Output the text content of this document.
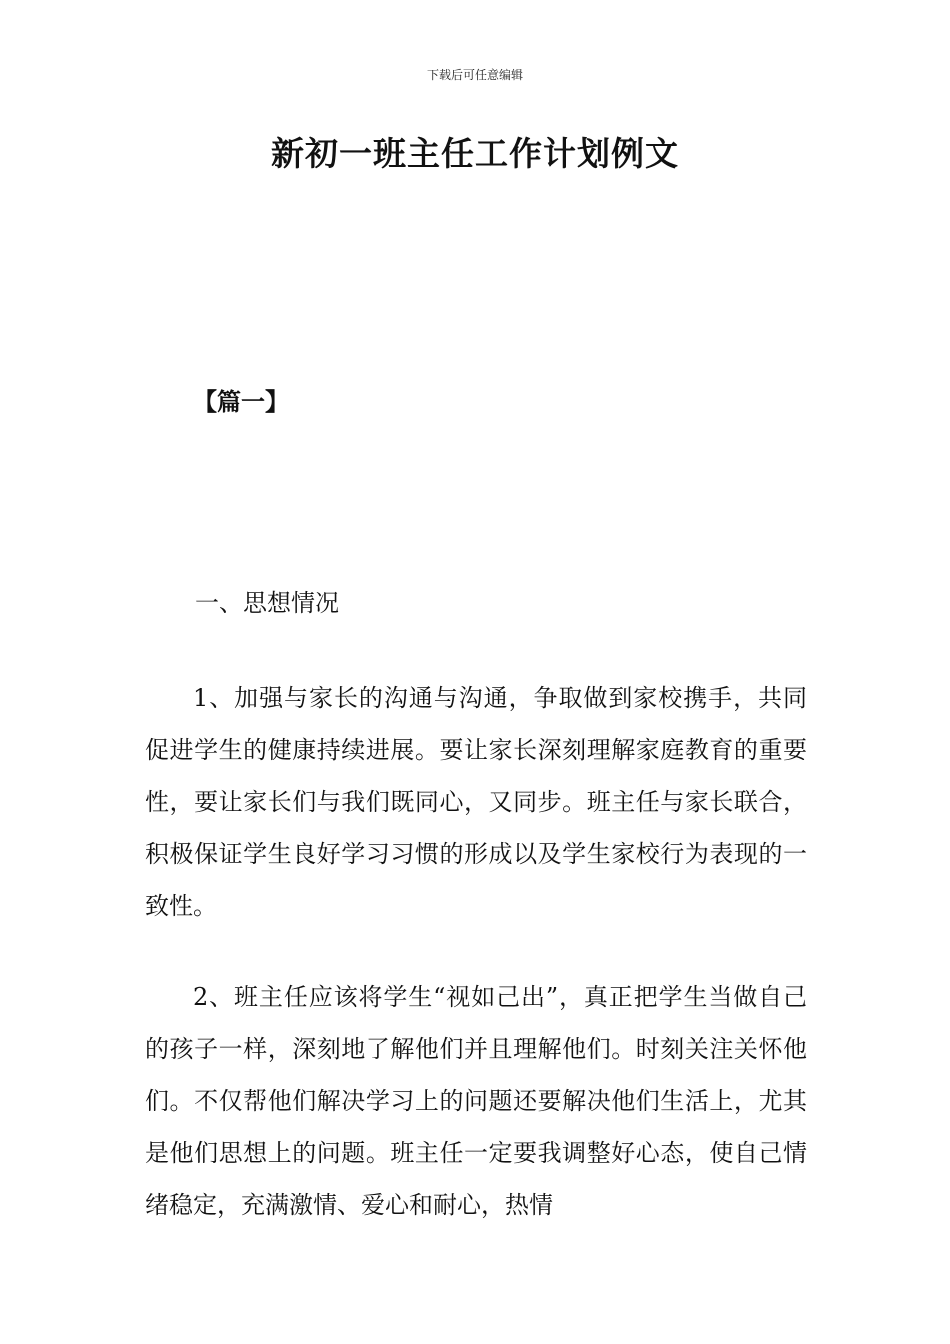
下载后可任意编辑
新初一班主任工作计划例文
【篇一】
一、思想情况

1、加强与家长的沟通与沟通，争取做到家校携手，共同促进学生的健康持续进展。要让家长深刻理解家庭教育的重要性，要让家长们与我们既同心，又同步。班主任与家长联合，积极保证学生良好学习习惯的形成以及学生家校行为表现的一致性。

2、班主任应该将学生“视如己出”，真正把学生当做自己的孩子一样，深刻地了解他们并且理解他们。时刻关注关怀他们。不仅帮他们解决学习上的问题还要解决他们生活上，尤其是他们思想上的问题。班主任一定要我调整好心态，使自己情绪稳定，充满激情、爱心和耐心，热情
